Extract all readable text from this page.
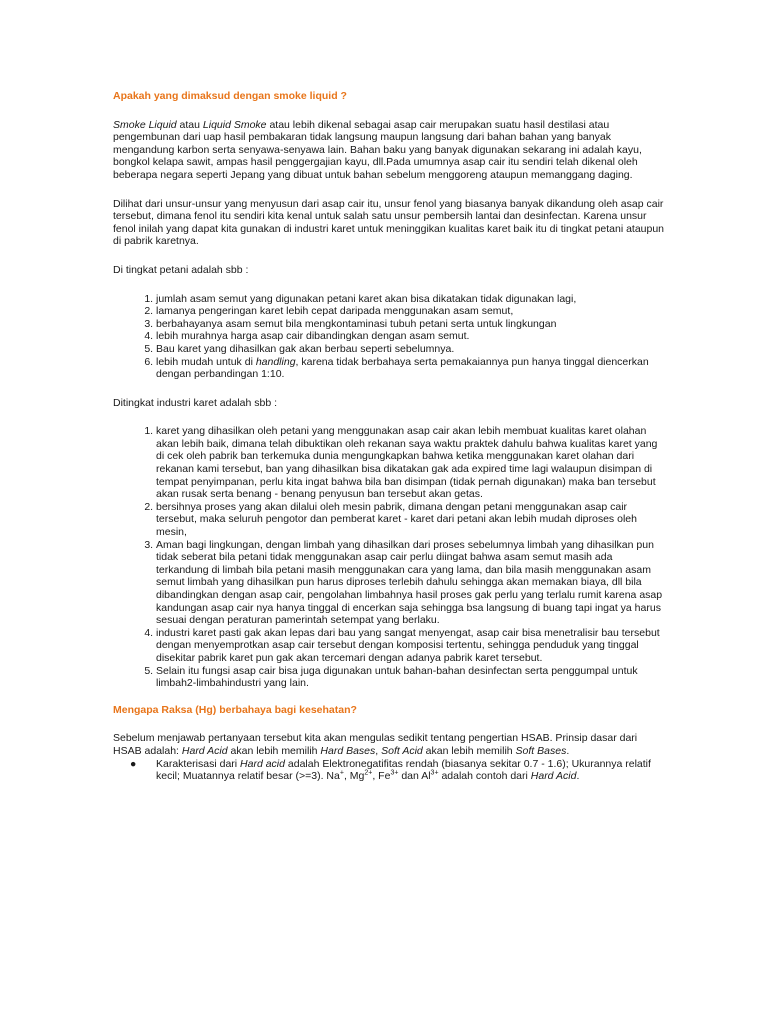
Apakah yang dimaksud dengan smoke liquid ?

Smoke Liquid atau Liquid Smoke atau lebih dikenal sebagai asap cair merupakan suatu hasil destilasi atau pengembunan dari uap hasil pembakaran tidak langsung maupun langsung dari bahan bahan yang banyak mengandung karbon serta senyawa-senyawa lain. Bahan baku yang banyak digunakan sekarang ini adalah kayu, bongkol kelapa sawit, ampas hasil penggergajian kayu, dll.Pada umumnya asap cair itu sendiri telah dikenal oleh beberapa negara seperti Jepang yang dibuat untuk bahan sebelum menggoreng ataupun memanggang daging.

Dilihat dari unsur-unsur yang menyusun dari asap cair itu, unsur fenol yang biasanya banyak dikandung oleh asap cair tersebut, dimana fenol itu sendiri kita kenal untuk salah satu unsur pembersih lantai dan desinfectan. Karena unsur fenol inilah yang dapat kita gunakan di industri karet untuk meninggikan kualitas karet baik itu di tingkat petani ataupun di pabrik karetnya.

Di tingkat petani adalah sbb :

1. jumlah asam semut yang digunakan petani karet akan bisa dikatakan tidak digunakan lagi,
2. lamanya pengeringan karet lebih cepat daripada menggunakan asam semut,
3. berbahayanya asam semut bila mengkontaminasi tubuh petani serta untuk lingkungan
4. lebih murahnya harga asap cair dibandingkan dengan asam semut.
5. Bau karet yang dihasilkan gak akan berbau seperti sebelumnya.
6. lebih mudah untuk di handling, karena tidak berbahaya serta pemakaiannya pun hanya tinggal diencerkan dengan perbandingan 1:10.

Ditingkat industri karet adalah sbb :

1. karet yang dihasilkan oleh petani yang menggunakan asap cair akan lebih membuat kualitas karet olahan akan lebih baik, dimana telah dibuktikan oleh rekanan saya waktu praktek dahulu bahwa kualitas karet yang di cek oleh pabrik ban terkemuka dunia mengungkapkan bahwa ketika menggunakan karet olahan dari rekanan kami tersebut, ban yang dihasilkan bisa dikatakan gak ada expired time lagi walaupun disimpan di tempat penyimpanan, perlu kita ingat bahwa bila ban disimpan (tidak pernah digunakan) maka ban tersebut akan rusak serta benang - benang penyusun ban tersebut akan getas.
2. bersihnya proses yang akan dilalui oleh mesin pabrik, dimana dengan petani menggunakan asap cair tersebut, maka seluruh pengotor dan pemberat karet - karet dari petani akan lebih mudah diproses oleh mesin,
3. Aman bagi lingkungan, dengan limbah yang dihasilkan dari proses sebelumnya limbah yang dihasilkan pun tidak seberat bila petani tidak menggunakan asap cair perlu diingat bahwa asam semut masih ada terkandung di limbah bila petani masih menggunakan cara yang lama, dan bila masih menggunakan asam semut limbah yang dihasilkan pun harus diproses terlebih dahulu sehingga akan memakan biaya, dll bila dibandingkan dengan asap cair, pengolahan limbahnya hasil proses gak perlu yang terlalu rumit karena asap kandungan asap cair nya hanya tinggal di encerkan saja sehingga bsa langsung di buang tapi ingat ya harus sesuai dengan peraturan pamerintah setempat yang berlaku.
4. industri karet pasti gak akan lepas dari bau yang sangat menyengat, asap cair bisa menetralisir bau tersebut dengan menyemprotkan asap cair tersebut dengan komposisi tertentu, sehingga penduduk yang tinggal disekitar pabrik karet pun gak akan tercemari dengan adanya pabrik karet tersebut.
5. Selain itu fungsi asap cair bisa juga digunakan untuk bahan-bahan desinfectan serta penggumpal untuk limbah2-limbahindustri yang lain.

Mengapa Raksa (Hg) berbahaya bagi kesehatan?

Sebelum menjawab pertanyaan tersebut kita akan mengulas sedikit tentang pengertian HSAB. Prinsip dasar dari HSAB adalah: Hard Acid akan lebih memilih Hard Bases, Soft Acid akan lebih memilih Soft Bases.

● Karakterisasi dari Hard acid adalah Elektronegatifitas rendah (biasanya sekitar 0.7 - 1.6); Ukurannya relatif kecil; Muatannya relatif besar (>=3). Na+, $Mg^{2+}$, $Fe^{3+}$ dan $Al^{3+}$ adalah contoh dari Hard Acid.
